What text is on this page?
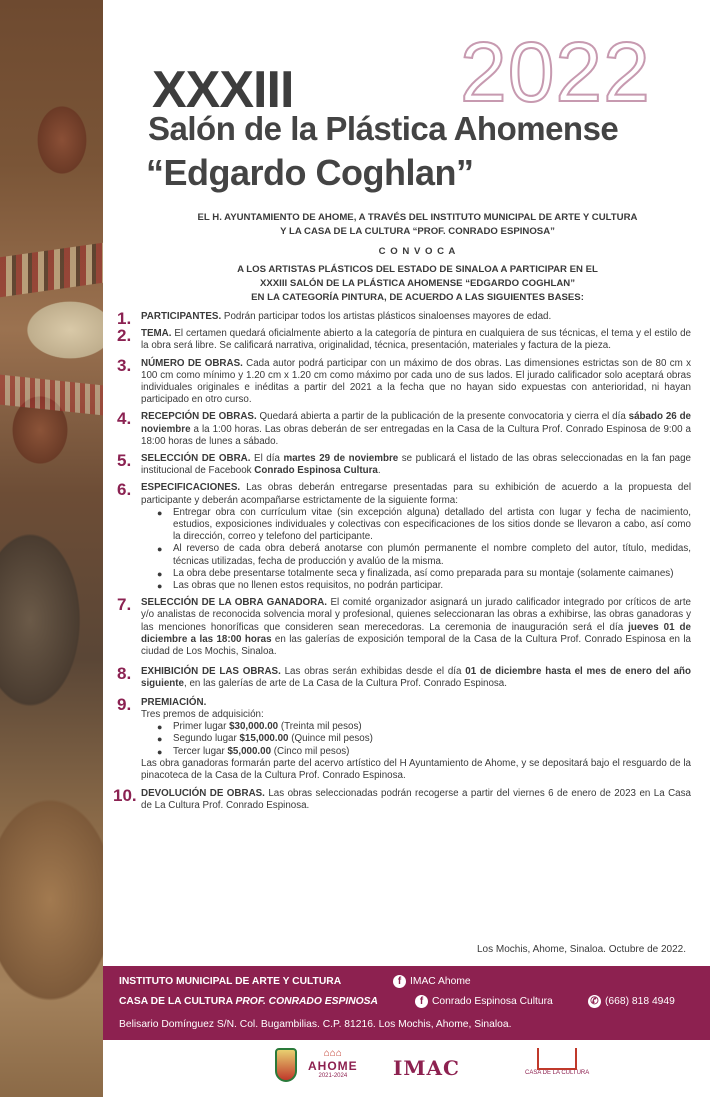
2022
XXXIII
Salón de la Plástica Ahomense
“Edgardo Coghlan”
EL H. AYUNTAMIENTO DE AHOME, A TRAVÉS DEL INSTITUTO MUNICIPAL DE ARTE Y CULTURA
Y LA CASA DE LA CULTURA “PROF. CONRADO ESPINOSA”
C O N V O C A
A LOS ARTISTAS PLÁSTICOS DEL ESTADO DE SINALOA A PARTICIPAR EN EL
XXXIII SALÓN DE LA PLÁSTICA AHOMENSE “EDGARDO COGHLAN”
EN LA CATEGORÍA PINTURA, DE ACUERDO A LAS SIGUIENTES BASES:
1. PARTICIPANTES. Podrán participar todos los artistas plásticos sinaloenses mayores de edad.
2. TEMA. El certamen quedará oficialmente abierto a la categoría de pintura en cualquiera de sus técnicas, el tema y el estilo de la obra será libre. Se calificará narrativa, originalidad, técnica, presentación, materiales y factura de la pieza.
3. NÚMERO DE OBRAS. Cada autor podrá participar con un máximo de dos obras. Las dimensiones estrictas son de 80 cm x 100 cm como mínimo y 1.20 cm x 1.20 cm como máximo por cada uno de sus lados. El jurado calificador solo aceptará obras individuales originales e inéditas a partir del 2021 a la fecha que no hayan sido expuestas con anterioridad, ni hayan participado en otro curso.
4. RECEPCIÓN DE OBRAS. Quedará abierta a partir de la publicación de la presente convocatoria y cierra el día sábado 26 de noviembre a la 1:00 horas. Las obras deberán de ser entregadas en la Casa de la Cultura Prof. Conrado Espinosa de 9:00 a 18:00 horas de lunes a sábado.
5. SELECCIÓN DE OBRA. El día martes 29 de noviembre se publicará el listado de las obras seleccionadas en la fan page institucional de Facebook Conrado Espinosa Cultura.
6. ESPECIFICACIONES. Las obras deberán entregarse presentadas para su exhibición de acuerdo a la propuesta del participante y deberán acompañarse estrictamente de la siguiente forma:
● Entregar obra con currículum vitae (sin excepción alguna) detallado del artista con lugar y fecha de nacimiento, estudios, exposiciones individuales y colectivas con especificaciones de los sitios donde se llevaron a cabo, así como la dirección, correo y telefono del participante.
● Al reverso de cada obra deberá anotarse con plumón permanente el nombre completo del autor, título, medidas, técnicas utilizadas, fecha de producción y avalúo de la misma.
● La obra debe presentarse totalmente seca y finalizada, así como preparada para su montaje (solamente caimanes)
● Las obras que no llenen estos requisitos, no podrán participar.
7. SELECCIÓN DE LA OBRA GANADORA. El comité organizador asignará un jurado calificador integrado por críticos de arte y/o analistas de reconocida solvencia moral y profesional, quienes seleccionaran las obras a exhibirse, las obras ganadoras y las menciones honoríficas que consideren sean merecedoras. La ceremonia de inauguración será el día jueves 01 de diciembre a las 18:00 horas en las galerías de exposición temporal de la Casa de la Cultura Prof. Conrado Espinosa en la ciudad de Los Mochis, Sinaloa.
8. EXHIBICIÓN DE LAS OBRAS. Las obras serán exhibidas desde el día 01 de diciembre hasta el mes de enero del año siguiente, en las galerías de arte de La Casa de la Cultura Prof. Conrado Espinosa.
9. PREMIACIÓN.
Tres premos de adquisición:
● Primer lugar $30,000.00 (Treinta mil pesos)
● Segundo lugar $15,000.00 (Quince mil pesos)
● Tercer lugar $5,000.00 (Cinco mil pesos)
Las obra ganadoras formarán parte del acervo artístico del H Ayuntamiento de Ahome, y se depositará bajo el resguardo de la pinacoteca de la Casa de la Cultura Prof. Conrado Espinosa.
10. DEVOLUCIÓN DE OBRAS. Las obras seleccionadas podrán recogerse a partir del viernes 6 de enero de 2023 en La Casa de La Cultura Prof. Conrado Espinosa.
Los Mochis, Ahome, Sinaloa. Octubre de 2022.
INSTITUTO MUNICIPAL DE ARTE Y CULTURA	f IMAC Ahome
CASA DE LA CULTURA PROF. CONRADO ESPINOSA	f Conrado Espinosa Cultura	✆ (668) 818 4949
Belisario Domínguez S/N. Col. Bugambilias. C.P. 81216. Los Mochis, Ahome, Sinaloa.
⌂⌂⌂
AHOME
2021-2024 IMAC	CASA DE LA CULTURA
